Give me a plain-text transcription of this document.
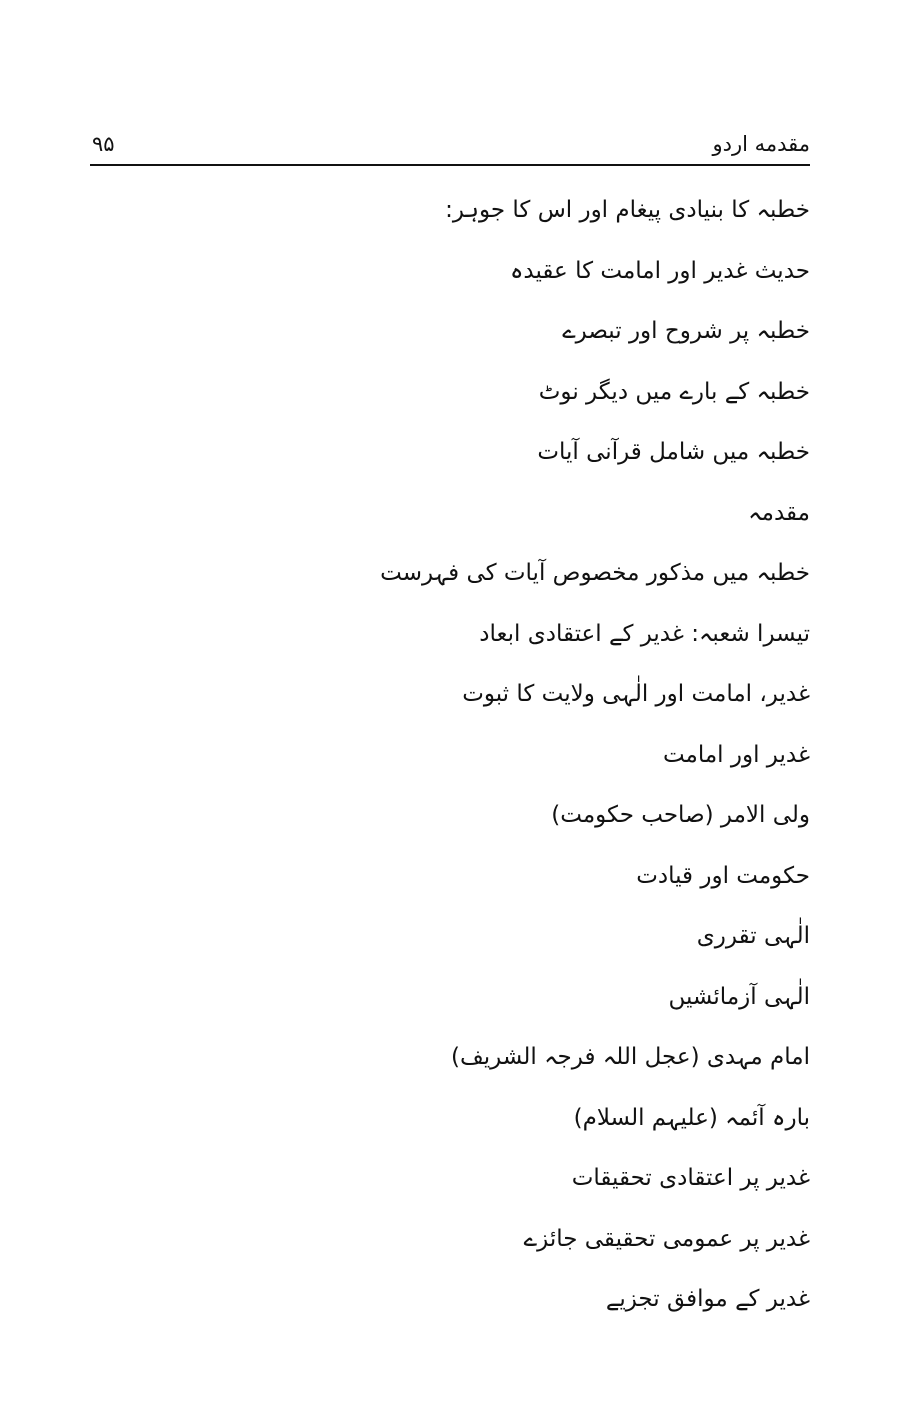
مقدمه اردو
۹۵
خطبہ کا بنیادی پیغام اور اس کا جوہر:
حدیث غدیر اور امامت کا عقیدہ
خطبہ پر شروح اور تبصرے
خطبہ کے بارے میں دیگر نوٹ
خطبہ میں شامل قرآنی آیات
مقدمہ
خطبہ میں مذکور مخصوص آیات کی فہرست
تیسرا شعبہ: غدیر کے اعتقادی ابعاد
غدیر، امامت اور الٰہی ولایت کا ثبوت
غدیر اور امامت
ولی الامر (صاحب حکومت)
حکومت اور قیادت
الٰہی تقرری
الٰہی آزمائشیں
امام مہدی (عجل اللہ فرجہ الشریف)
بارہ آئمہ (علیہم السلام)
غدیر پر اعتقادی تحقیقات
غدیر پر عمومی تحقیقی جائزے
غدیر کے موافق تجزیے
